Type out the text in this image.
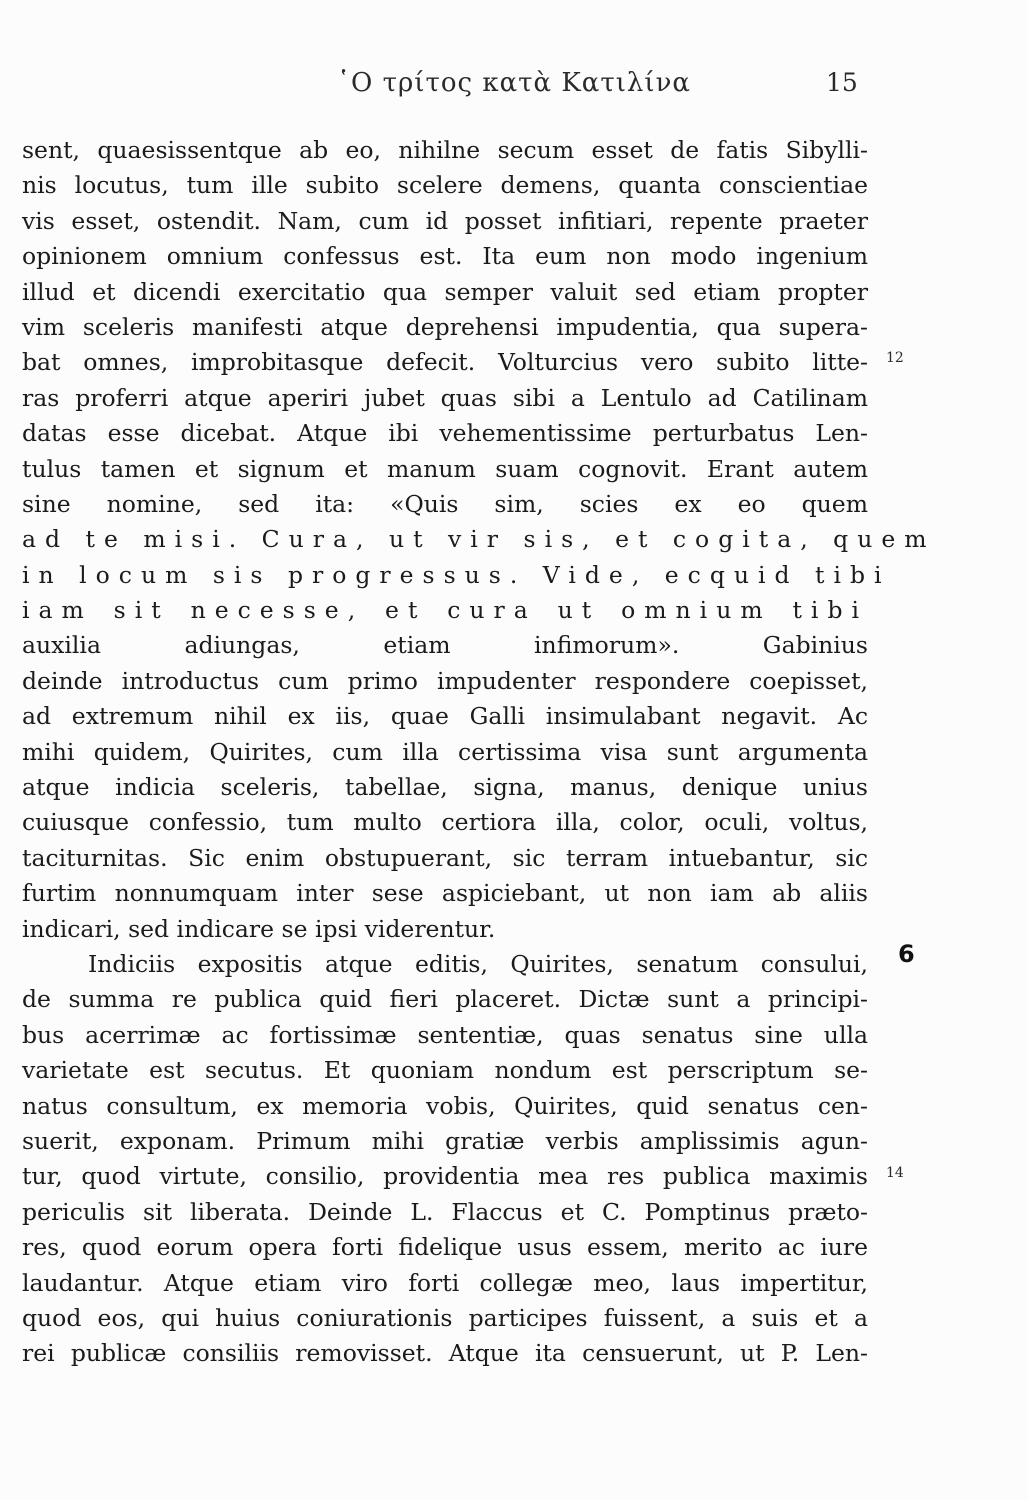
῾Ο τρίτος κατὰ Κατιλίνα	15
sent, quaesissentque ab eo, nihilne secum esset de fatis Sibylli-
nis locutus, tum ille subito scelere demens, quanta conscientiae
vis esset, ostendit. Nam, cum id posset infitiari, repente praeter
opinionem omnium confessus est. Ita eum non modo ingenium
illud et dicendi exercitatio qua semper valuit sed etiam propter
vim sceleris manifesti atque deprehensi impudentia, qua supera-
bat omnes, improbitasque defecit. Volturcius vero subito litte-
ras proferri atque aperiri jubet quas sibi a Lentulo ad Catilinam
datas esse dicebat. Atque ibi vehementissime perturbatus Len-
tulus tamen et signum et manum suam cognovit. Erant autem
sine nomine, sed ita: «Quis sim, scies ex eo quem
ad te misi. Cura, ut vir sis, et cogita, quem
in locum sis progressus. Vide, ecquid tibi
iam sit necesse, et cura ut omnium tibi
auxilia adiungas, etiam infimorum». Gabinius
deinde introductus cum primo impudenter respondere coepisset,
ad extremum nihil ex iis, quae Galli insimulabant negavit. Ac
mihi quidem, Quirites, cum illa certissima visa sunt argumenta
atque indicia sceleris, tabellae, signa, manus, denique unius
cuiusque confessio, tum multo certiora illa, color, oculi, voltus,
taciturnitas. Sic enim obstupuerant, sic terram intuebantur, sic
furtim nonnumquam inter sese aspiciebant, ut non iam ab aliis
indicari, sed indicare se ipsi viderentur.
Indiciis expositis atque editis, Quirites, senatum consului,
de summa re publica quid fieri placeret. Dictæ sunt a principi-
bus acerrimæ ac fortissimæ sententiæ, quas senatus sine ulla
varietate est secutus. Et quoniam nondum est perscriptum se-
natus consultum, ex memoria vobis, Quirites, quid senatus cen-
suerit, exponam. Primum mihi gratiæ verbis amplissimis agun-
tur, quod virtute, consilio, providentia mea res publica maximis
periculis sit liberata. Deinde L. Flaccus et C. Pomptinus prætο-
res, quod eorum opera forti fidelique usus essem, merito ac iure
laudantur. Atque etiam viro forti collegæ meo, laus impertitur,
quod eos, qui huius coniurationis participes fuissent, a suis et a
rei publicæ consiliis removisset. Atque ita censuerunt, ut P. Len-
12
6
14
